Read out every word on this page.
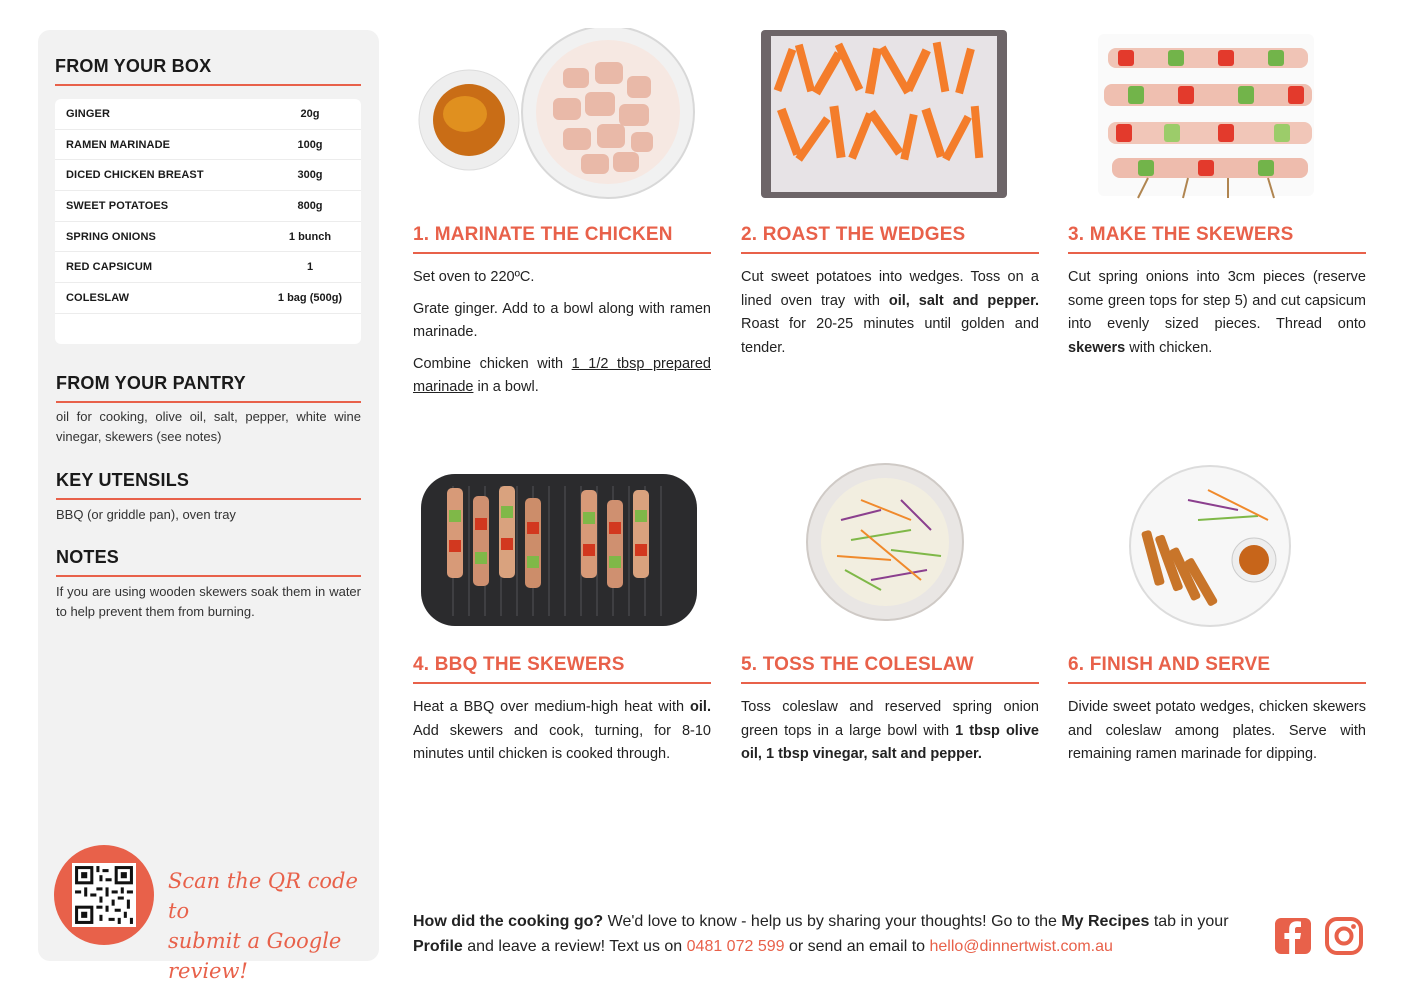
FROM YOUR BOX
GINGER	20g
RAMEN MARINADE	100g
DICED CHICKEN BREAST	300g
SWEET POTATOES	800g
SPRING ONIONS	1 bunch
RED CAPSICUM	1
COLESLAW	1 bag (500g)
FROM YOUR PANTRY
oil for cooking, olive oil, salt, pepper, white wine vinegar, skewers (see notes)
KEY UTENSILS
BBQ (or griddle pan), oven tray
NOTES
If you are using wooden skewers soak them in water to help prevent them from burning.
Scan the QR code to
submit a Google review!
1. MARINATE THE CHICKEN

Set oven to 220ºC.

Grate ginger. Add to a bowl along with ramen marinade.

Combine chicken with 1 1/2 tbsp prepared marinade in a bowl.

2. ROAST THE WEDGES

Cut sweet potatoes into wedges. Toss on a lined oven tray with oil, salt and pepper. Roast for 20-25 minutes until golden and tender.

3. MAKE THE SKEWERS

Cut spring onions into 3cm pieces (reserve some green tops for step 5) and cut capsicum into evenly sized pieces. Thread onto skewers with chicken.

4. BBQ THE SKEWERS

Heat a BBQ over medium-high heat with oil. Add skewers and cook, turning, for 8-10 minutes until chicken is cooked through.

5. TOSS THE COLESLAW

Toss coleslaw and reserved spring onion green tops in a large bowl with 1 tbsp olive oil, 1 tbsp vinegar, salt and pepper.

6. FINISH AND SERVE

Divide sweet potato wedges, chicken skewers and coleslaw among plates. Serve with remaining ramen marinade for dipping.

How did the cooking go? We'd love to know - help us by sharing your thoughts! Go to the My Recipes tab in your Profile and leave a review! Text us on 0481 072 599 or send an email to hello@dinnertwist.com.au
